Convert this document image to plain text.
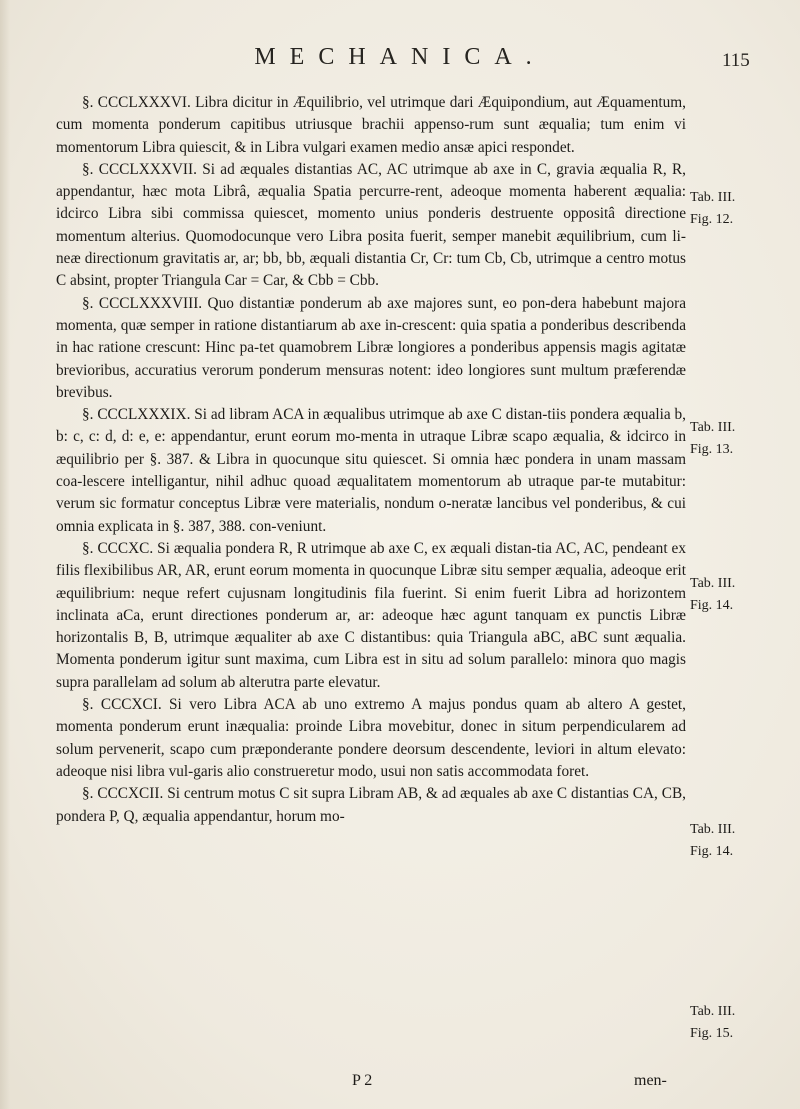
MECHANICA.	115

§. CCCLXXXVI. Libra dicitur in Æquilibrio, vel utrimque dari Æquipondium, aut Æquamentum, cum momenta ponderum capitibus utriusque brachii appenso-rum sunt æqualia; tum enim vi momentorum Libra quiescit, & in Libra vulgari examen medio ansæ apici respondet.

§. CCCLXXXVII. Si ad æquales distantias AC, AC utrimque ab axe in C, gravia æqualia R, R, appendantur, hæc mota Librâ, æqualia Spatia percurre-rent, adeoque momenta haberent æqualia: idcirco Libra sibi commissa quiescet, momento unius ponderis destruente oppositâ directione momentum alterius. Quomodocunque vero Libra posita fuerit, semper manebit æquilibrium, cum li-neæ directionum gravitatis ar, ar; bb, bb, æquali distantia Cr, Cr: tum Cb, Cb, utrimque a centro motus C absint, propter Triangula Car = Car, & Cbb = Cbb.

§. CCCLXXXVIII. Quo distantiæ ponderum ab axe majores sunt, eo pon-dera habebunt majora momenta, quæ semper in ratione distantiarum ab axe in-crescent: quia spatia a ponderibus describenda in hac ratione crescunt: Hinc pa-tet quamobrem Libræ longiores a ponderibus appensis magis agitatæ brevioribus, accuratius verorum ponderum mensuras notent: ideo longiores sunt multum præferendæ brevibus.

§. CCCLXXXIX. Si ad libram ACA in æqualibus utrimque ab axe C distan-tiis pondera æqualia b, b: c, c: d, d: e, e: appendantur, erunt eorum mo-menta in utraque Libræ scapo æqualia, & idcirco in æquilibrio per §. 387. & Libra in quocunque situ quiescet. Si omnia hæc pondera in unam massam coa-lescere intelligantur, nihil adhuc quoad æqualitatem momentorum ab utraque par-te mutabitur: verum sic formatur conceptus Libræ vere materialis, nondum o-neratæ lancibus vel ponderibus, & cui omnia explicata in §. 387, 388. con-veniunt.

§. CCCXC. Si æqualia pondera R, R utrimque ab axe C, ex æquali distan-tia AC, AC, pendeant ex filis flexibilibus AR, AR, erunt eorum momenta in quocunque Libræ situ semper æqualia, adeoque erit æquilibrium: neque refert cujusnam longitudinis fila fuerint. Si enim fuerit Libra ad horizontem inclinata aCa, erunt directiones ponderum ar, ar: adeoque hæc agunt tanquam ex punctis Libræ horizontalis B, B, utrimque æqualiter ab axe C distantibus: quia Triangula aBC, aBC sunt æqualia. Momenta ponderum igitur sunt maxima, cum Libra est in situ ad solum parallelo: minora quo magis supra parallelam ad solum ab alterutra parte elevatur.

§. CCCXCI. Si vero Libra ACA ab uno extremo A majus pondus quam ab altero A gestet, momenta ponderum erunt inæqualia: proinde Libra movebitur, donec in situm perpendicularem ad solum pervenerit, scapo cum præponderante pondere deorsum descendente, leviori in altum elevato: adeoque nisi libra vul-garis alio construeretur modo, usui non satis accommodata foret.

§. CCCXCII. Si centrum motus C sit supra Libram AB, & ad æquales ab axe C distantias CA, CB, pondera P, Q, æqualia appendantur, horum mo-

Tab. III.
Fig. 12.
Tab. III.
Fig. 13.
Tab. III.
Fig. 14.
Tab. III.
Fig. 14.
Tab. III.
Fig. 15.
P 2	men-
